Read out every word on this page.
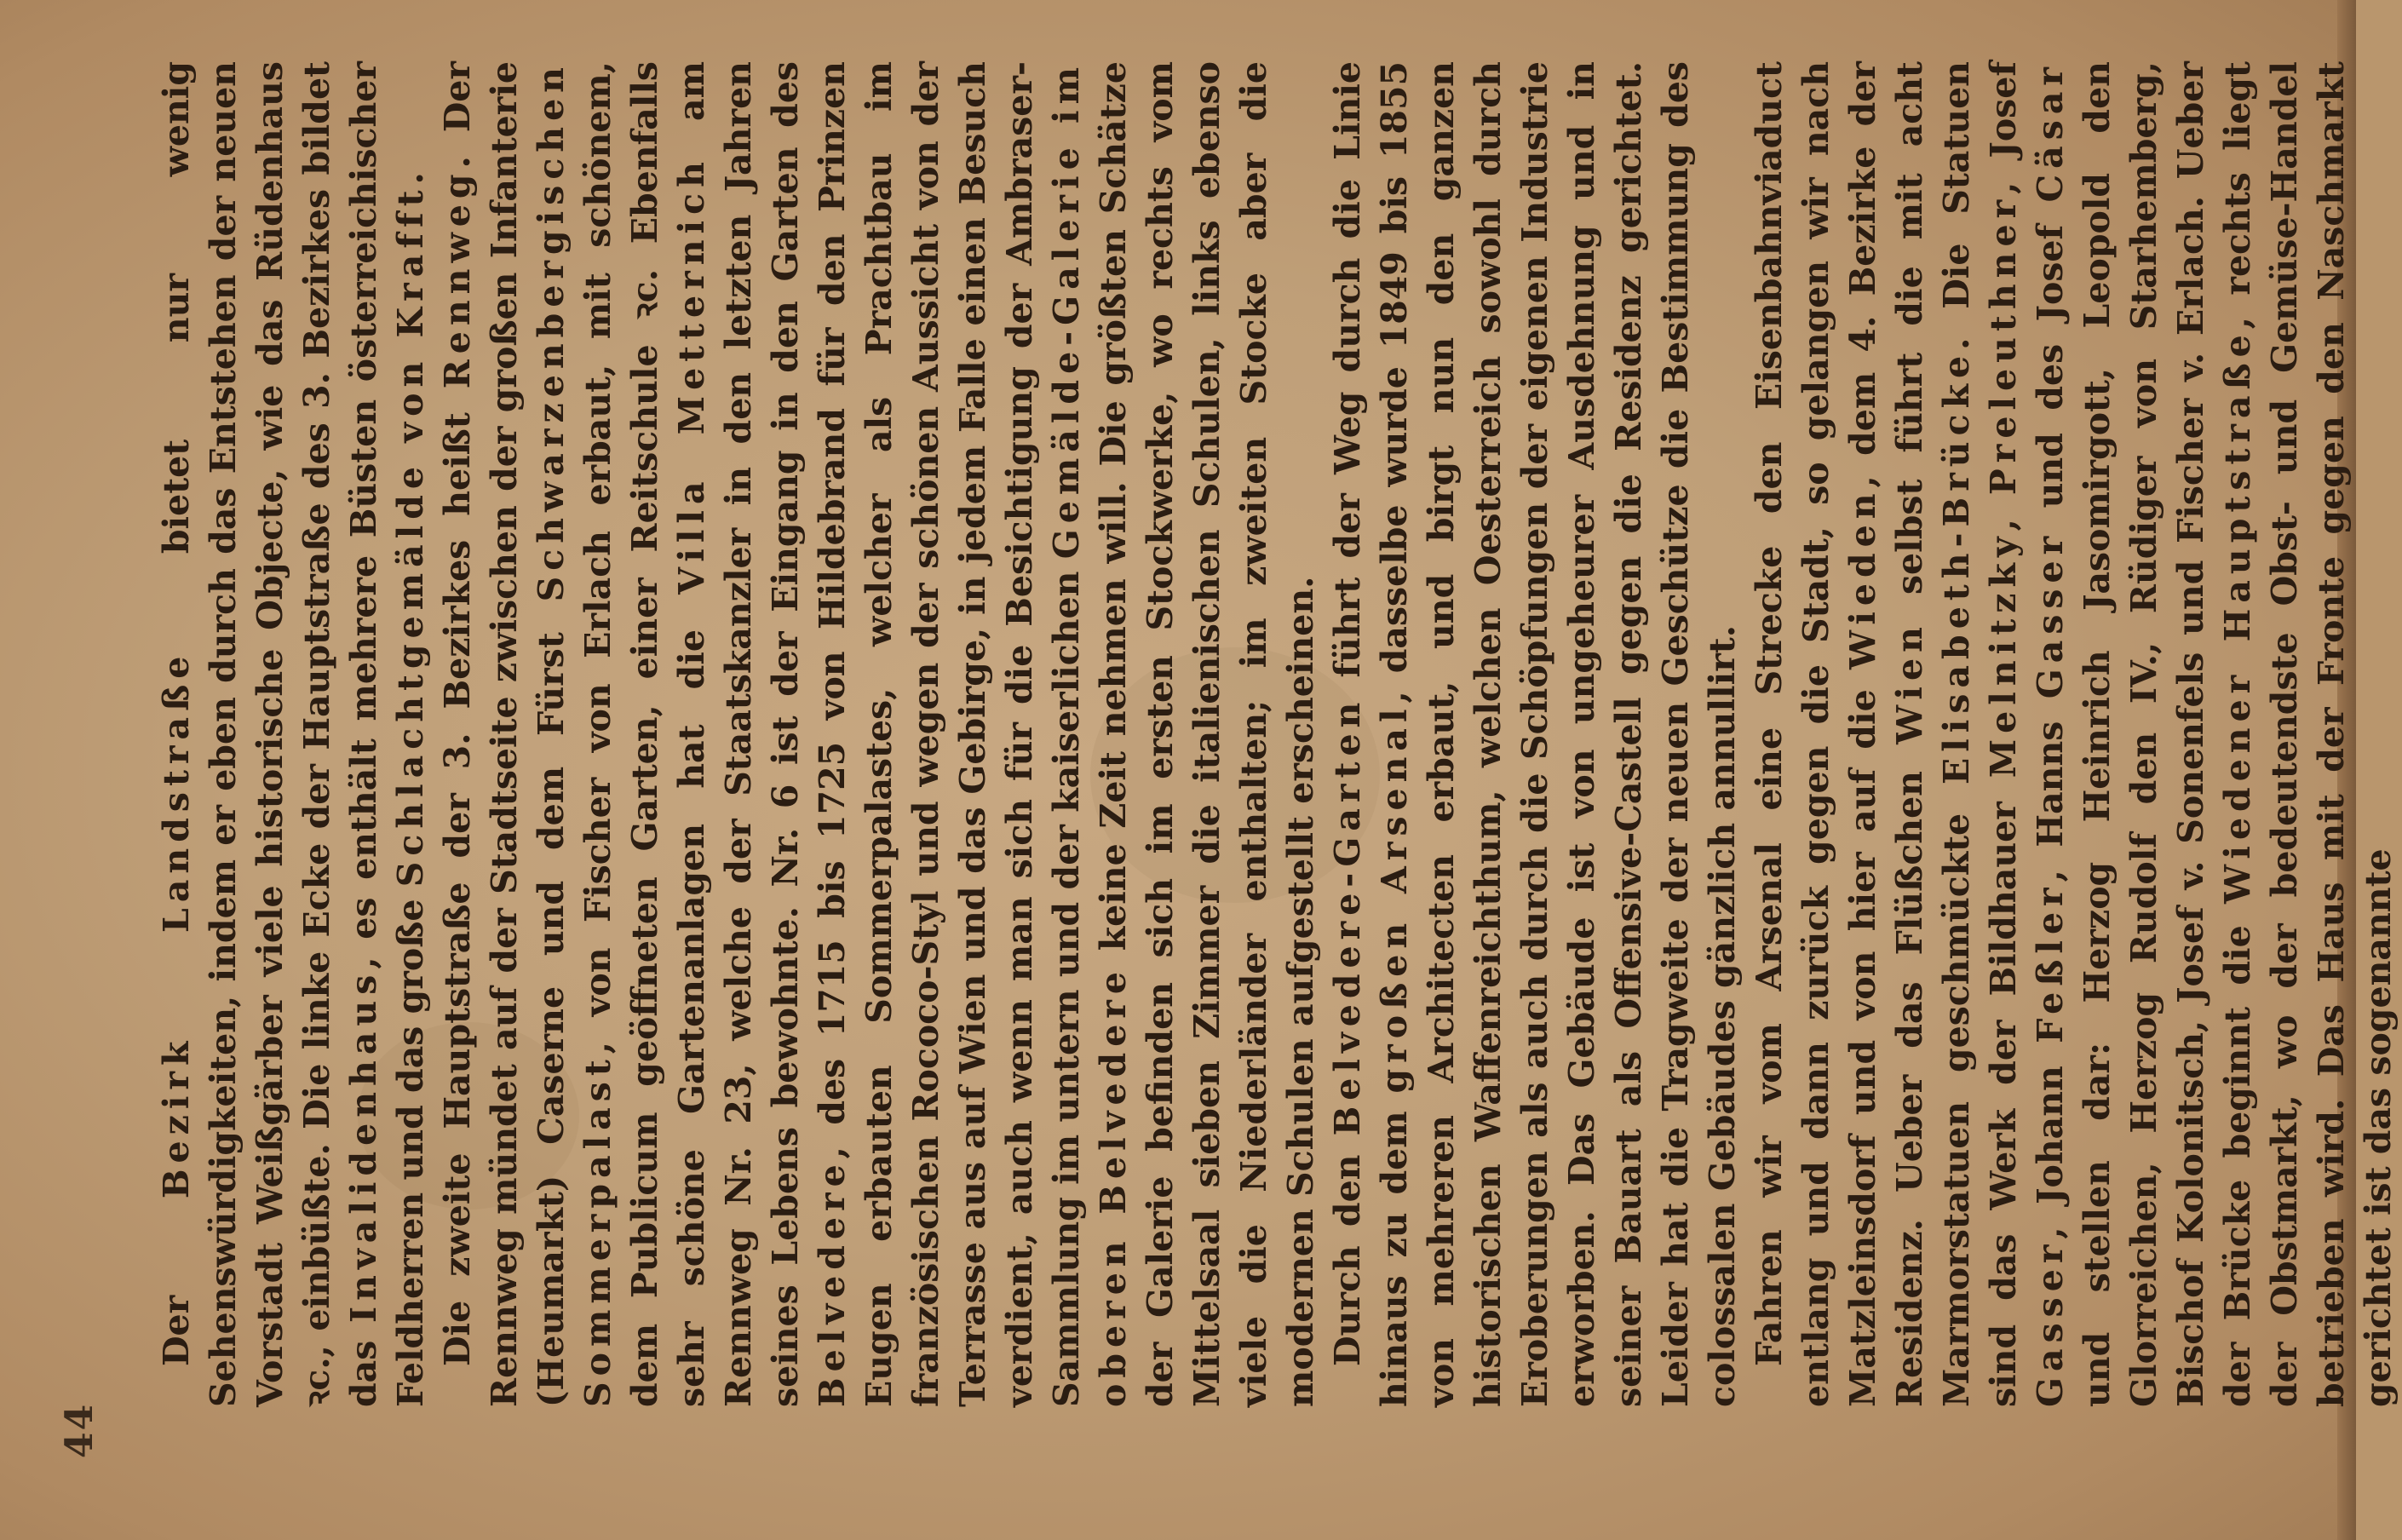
44

Der Bezirk Landstraße bietet nur wenig Sehenswürdigkeiten, indem er eben durch das Entstehen der neuen Vorstadt Weißgärber viele historische Objecte, wie das Rüdenhaus ꝛc., einbüßte. Die linke Ecke der Hauptstraße des 3. Bezirkes bildet das Invalidenhaus, es enthält mehrere Büsten österreichischer Feldherren und das große Schlachtgemälde von Krafft.

Die zweite Hauptstraße der 3. Bezirkes heißt Rennweg. Der Rennweg mündet auf der Stadtseite zwischen der großen Infanterie (Heumarkt) Caserne und dem Fürst Schwarzenbergischen Sommerpalast, von Fischer von Erlach erbaut, mit schönem, dem Publicum geöffneten Garten, einer Reitschule ꝛc. Ebenfalls sehr schöne Gartenanlagen hat die Villa Metternich am Rennweg Nr. 23, welche der Staatskanzler in den letzten Jahren seines Lebens bewohnte. Nr. 6 ist der Eingang in den Garten des Belvedere, des 1715 bis 1725 von Hildebrand für den Prinzen Eugen erbauten Sommerpalastes, welcher als Prachtbau im französischen Rococo-Styl und wegen der schönen Aussicht von der Terrasse aus auf Wien und das Gebirge, in jedem Falle einen Besuch verdient, auch wenn man sich für die Besichtigung der Ambraser-Sammlung im untern und der kaiserlichen Gemälde-Galerie im oberen Belvedere keine Zeit nehmen will. Die größten Schätze der Galerie befinden sich im ersten Stockwerke, wo rechts vom Mittelsaal sieben Zimmer die italienischen Schulen, links ebenso viele die Niederländer enthalten; im zweiten Stocke aber die modernen Schulen aufgestellt erscheinen. Durch den Belvedere-Garten führt der Weg durch die Linie hinaus zu dem großen Arsenal, dasselbe wurde 1849 bis 1855 von mehreren Architecten erbaut, und birgt nun den ganzen historischen Waffenreichthum, welchen Oesterreich sowohl durch Eroberungen als auch durch die Schöpfungen der eigenen Industrie erworben. Das Gebäude ist von ungeheurer Ausdehnung und in seiner Bauart als Offensive-Castell gegen die Residenz gerichtet. Leider hat die Tragweite der neuen Geschütze die Bestimmung des colossalen Gebäudes gänzlich annullirt. Fahren wir vom Arsenal eine Strecke den Eisenbahnviaduct entlang und dann zurück gegen die Stadt, so gelangen wir nach Matzleinsdorf und von hier auf die Wieden, dem 4. Bezirke der Residenz. Ueber das Flüßchen Wien selbst führt die mit acht Marmorstatuen geschmückte Elisabeth-Brücke. Die Statuen sind das Werk der Bildhauer Melnitzky, Preleuthner, Josef Gasser, Johann Feßler, Hanns Gasser und des Josef Cäsar und stellen dar: Herzog Heinrich Jasomirgott, Leopold den Glorreichen, Herzog Rudolf den IV., Rüdiger von Starhemberg, Bischof Kolonitsch, Josef v. Sonenfels und Fischer v. Erlach. Ueber der Brücke beginnt die Wiedener Hauptstraße, rechts liegt der Obstmarkt, wo der bedeutendste Obst- und Gemüse-Handel betrieben wird. Das Haus mit der Fronte gegen den Naschmarkt gerichtet ist das sogenannte
